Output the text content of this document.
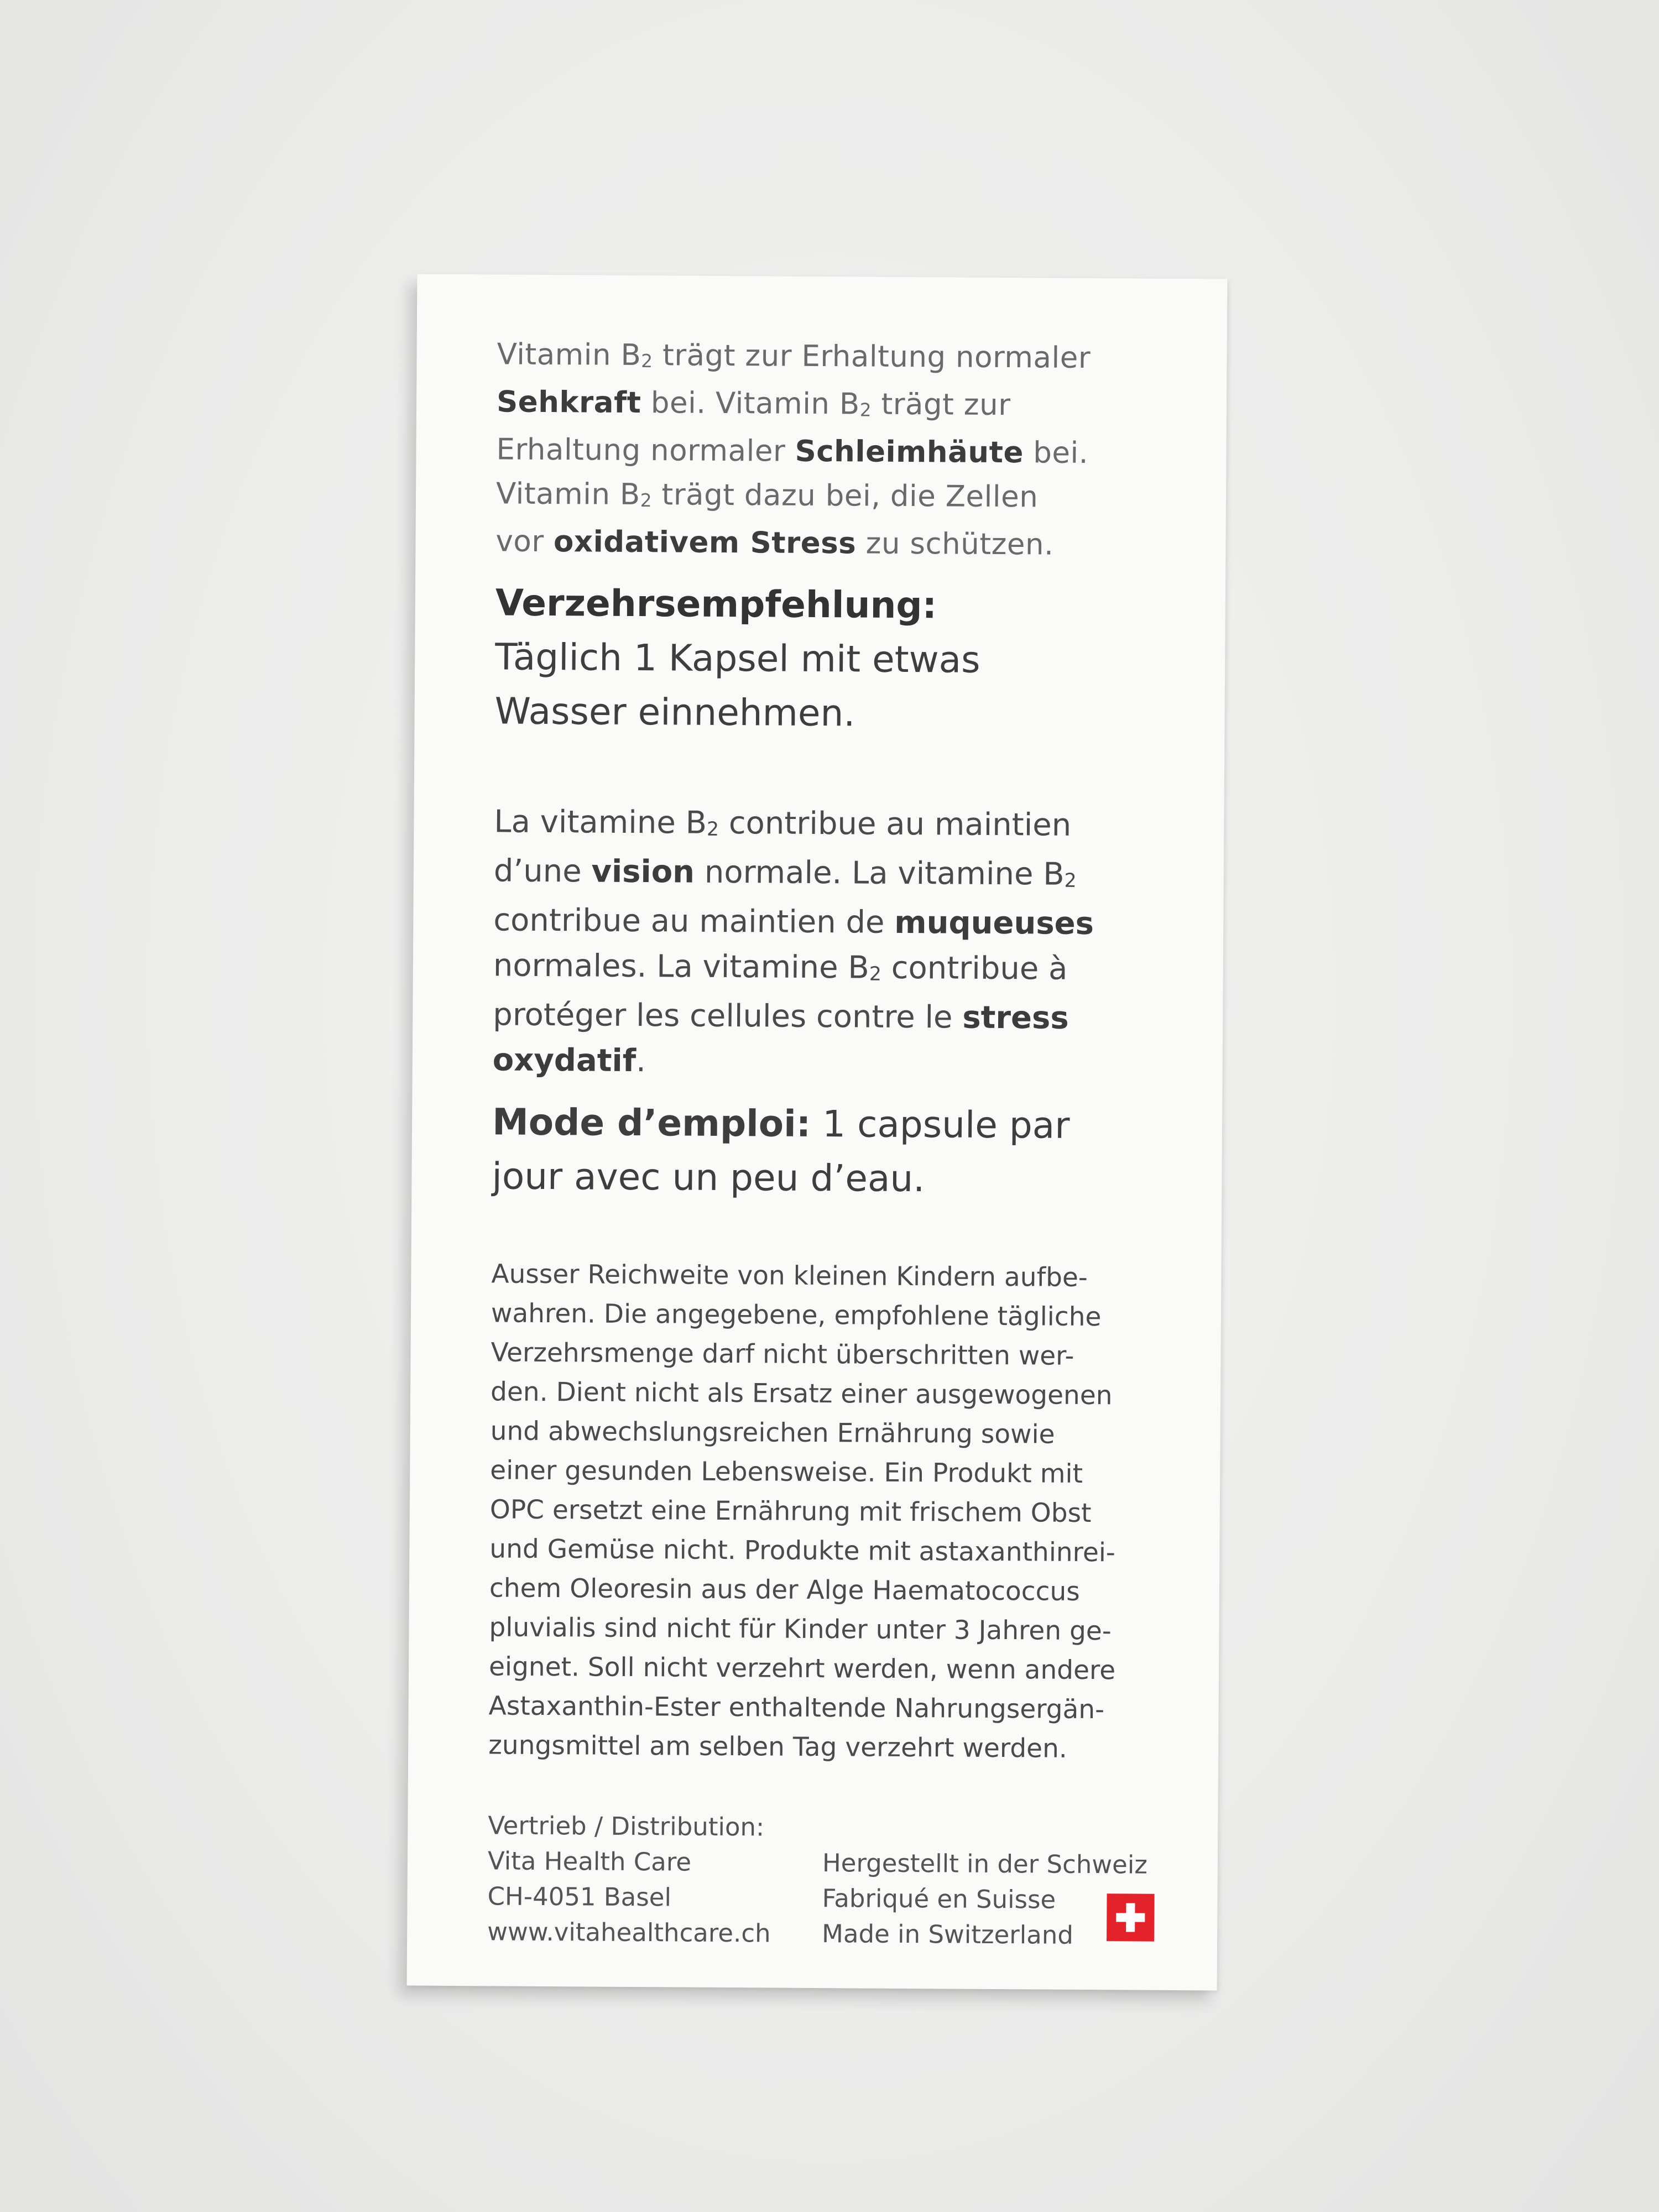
Vitamin B2 trägt zur Erhaltung normaler
Sehkraft bei. Vitamin B2 trägt zur
Erhaltung normaler Schleimhäute bei.
Vitamin B2 trägt dazu bei, die Zellen
vor oxidativem Stress zu schützen.

Verzehrsempfehlung:
Täglich 1 Kapsel mit etwas
Wasser einnehmen.

La vitamine B2 contribue au maintien
d’une vision normale. La vitamine B2
contribue au maintien de muqueuses
normales. La vitamine B2 contribue à
protéger les cellules contre le stress
oxydatif.

Mode d’emploi: 1 capsule par
jour avec un peu d’eau.

Ausser Reichweite von kleinen Kindern aufbe-
wahren. Die angegebene, empfohlene tägliche
Verzehrsmenge darf nicht überschritten wer-
den. Dient nicht als Ersatz einer ausgewogenen
und abwechslungsreichen Ernährung sowie
einer gesunden Lebensweise. Ein Produkt mit
OPC ersetzt eine Ernährung mit frischem Obst
und Gemüse nicht. Produkte mit astaxanthinrei-
chem Oleoresin aus der Alge Haematococcus
pluvialis sind nicht für Kinder unter 3 Jahren ge-
eignet. Soll nicht verzehrt werden, wenn andere
Astaxanthin-Ester enthaltende Nahrungsergän-
zungsmittel am selben Tag verzehrt werden.

Vertrieb / Distribution:
Vita Health Care
CH-4051 Basel
www.vitahealthcare.ch
Hergestellt in der Schweiz
Fabriqué en Suisse
Made in Switzerland
